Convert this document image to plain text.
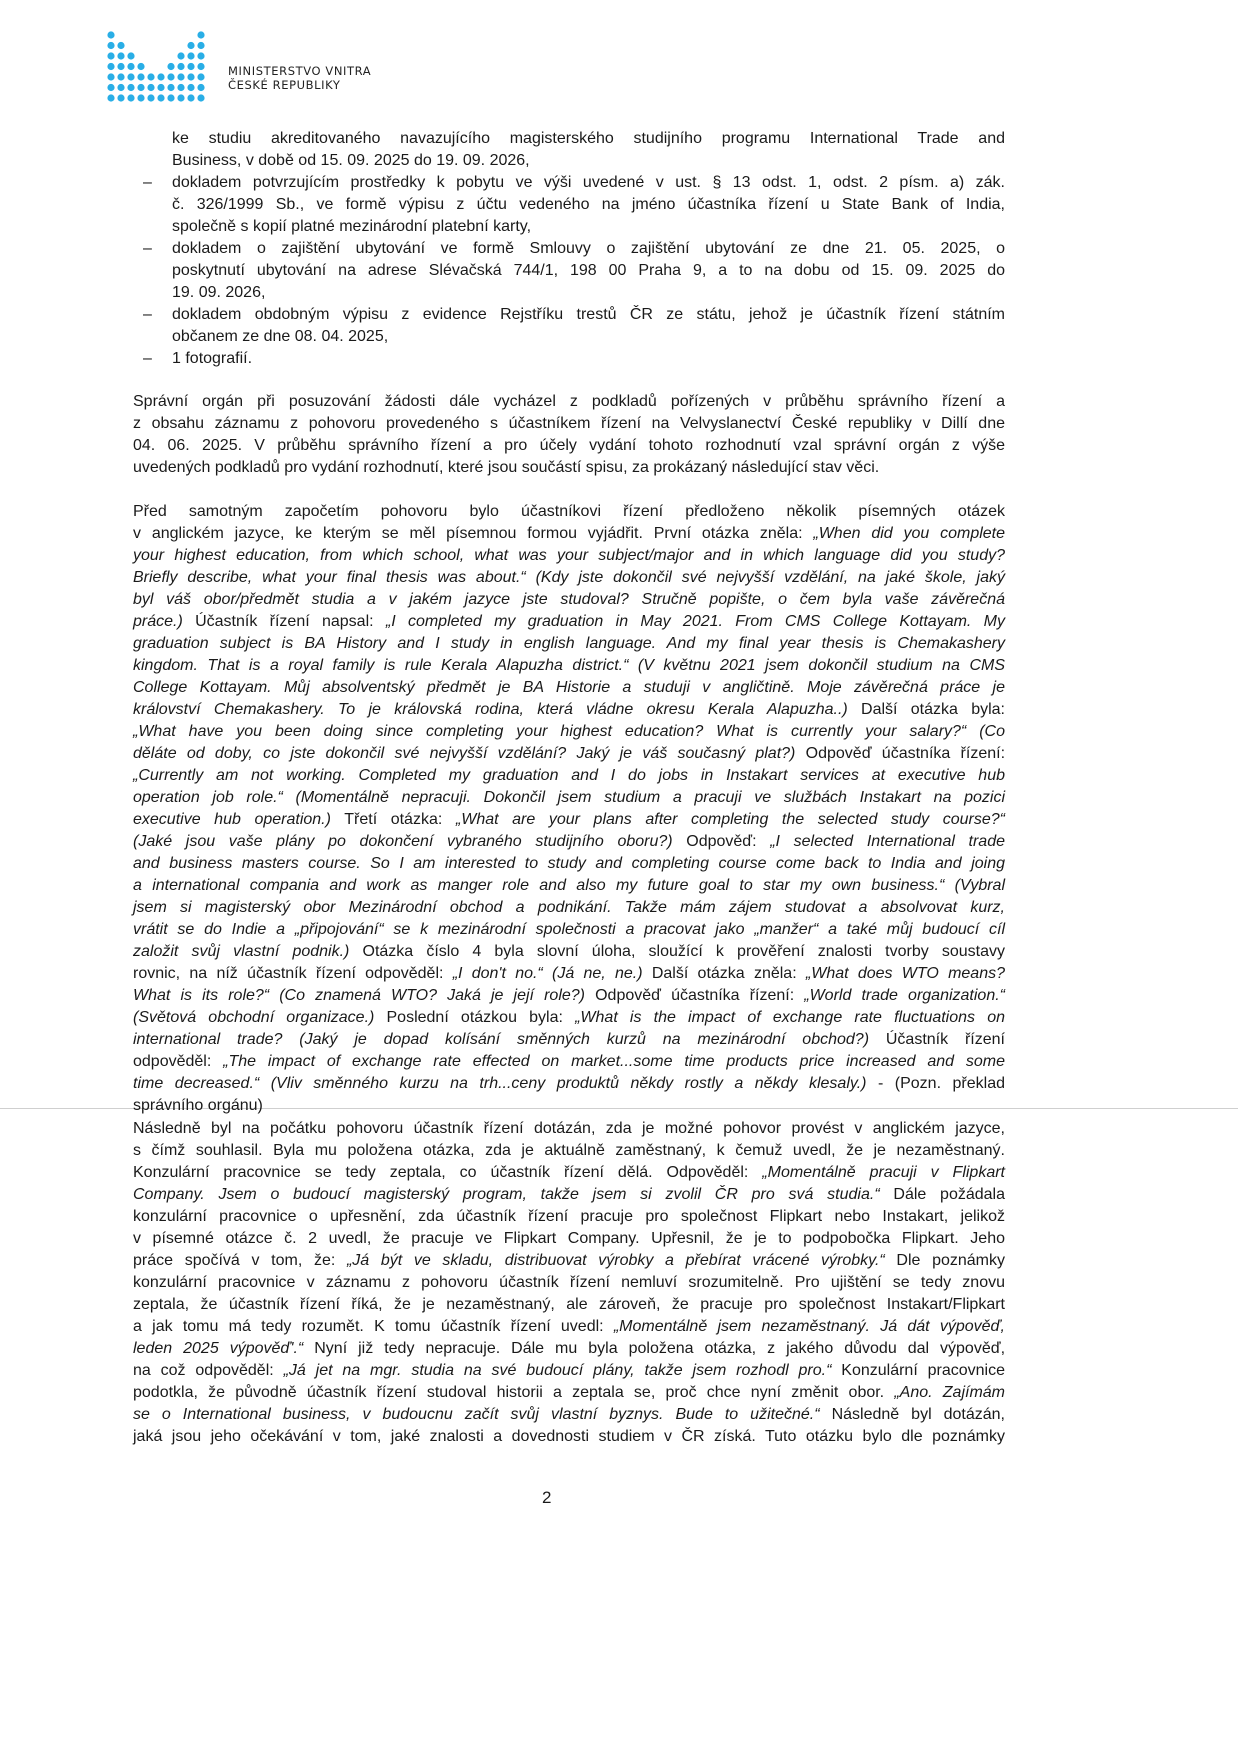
MINISTERSTVO VNITRA
ČESKÉ REPUBLIKY
ke studiu akreditovaného navazujícího magisterského studijního programu International Trade and
Business, v době od 15. 09. 2025 do 19. 09. 2026,
– dokladem potvrzujícím prostředky k pobytu ve výši uvedené v ust. § 13 odst. 1, odst. 2 písm. a) zák.
č. 326/1999 Sb., ve formě výpisu z účtu vedeného na jméno účastníka řízení u State Bank of India,
společně s kopií platné mezinárodní platební karty,
– dokladem o zajištění ubytování ve formě Smlouvy o zajištění ubytování ze dne 21. 05. 2025, o
poskytnutí ubytování na adrese Slévačská 744/1, 198 00 Praha 9, a to na dobu od 15. 09. 2025 do
19. 09. 2026,
– dokladem obdobným výpisu z evidence Rejstříku trestů ČR ze státu, jehož je účastník řízení státním
občanem ze dne 08. 04. 2025,
– 1 fotografií.
Správní orgán při posuzování žádosti dále vycházel z podkladů pořízených v průběhu správního řízení a
z obsahu záznamu z pohovoru provedeného s účastníkem řízení na Velvyslanectví České republiky v Dillí dne
04. 06. 2025. V průběhu správního řízení a pro účely vydání tohoto rozhodnutí vzal správní orgán z výše
uvedených podkladů pro vydání rozhodnutí, které jsou součástí spisu, za prokázaný následující stav věci.
Před samotným započetím pohovoru bylo účastníkovi řízení předloženo několik písemných otázek
v anglickém jazyce, ke kterým se měl písemnou formou vyjádřit. První otázka zněla: „When did you complete
your highest education, from which school, what was your subject/major and in which language did you study?
Briefly describe, what your final thesis was about.“ (Kdy jste dokončil své nejvyšší vzdělání, na jaké škole, jaký
byl váš obor/předmět studia a v jakém jazyce jste studoval? Stručně popište, o čem byla vaše závěrečná
práce.) Účastník řízení napsal: „I completed my graduation in May 2021. From CMS College Kottayam. My
graduation subject is BA History and I study in english language. And my final year thesis is Chemakashery
kingdom. That is a royal family is rule Kerala Alapuzha district.“ (V květnu 2021 jsem dokončil studium na CMS
College Kottayam. Můj absolventský předmět je BA Historie a studuji v angličtině. Moje závěrečná práce je
království Chemakashery. To je královská rodina, která vládne okresu Kerala Alapuzha..) Další otázka byla:
„What have you been doing since completing your highest education? What is currently your salary?“ (Co
děláte od doby, co jste dokončil své nejvyšší vzdělání? Jaký je váš současný plat?) Odpověď účastníka řízení:
„Currently am not working. Completed my graduation and I do jobs in Instakart services at executive hub
operation job role.“ (Momentálně nepracuji. Dokončil jsem studium a pracuji ve službách Instakart na pozici
executive hub operation.) Třetí otázka: „What are your plans after completing the selected study course?“
(Jaké jsou vaše plány po dokončení vybraného studijního oboru?) Odpověď: „I selected International trade
and business masters course. So I am interested to study and completing course come back to India and joing
a international compania and work as manger role and also my future goal to star my own business.“ (Vybral
jsem si magisterský obor Mezinárodní obchod a podnikání. Takže mám zájem studovat a absolvovat kurz,
vrátit se do Indie a „připojování“ se k mezinárodní společnosti a pracovat jako „manžer“ a také můj budoucí cíl
založit svůj vlastní podnik.) Otázka číslo 4 byla slovní úloha, sloužící k prověření znalosti tvorby soustavy
rovnic, na níž účastník řízení odpověděl: „I don't no.“ (Já ne, ne.) Další otázka zněla: „What does WTO means?
What is its role?“ (Co znamená WTO? Jaká je její role?) Odpověď účastníka řízení: „World trade organization.“
(Světová obchodní organizace.) Poslední otázkou byla: „What is the impact of exchange rate fluctuations on
international trade? (Jaký je dopad kolísání směnných kurzů na mezinárodní obchod?) Účastník řízení
odpověděl: „The impact of exchange rate effected on market...some time products price increased and some
time decreased.“ (Vliv směnného kurzu na trh...ceny produktů někdy rostly a někdy klesaly.) - (Pozn. překlad
správního orgánu)
Následně byl na počátku pohovoru účastník řízení dotázán, zda je možné pohovor provést v anglickém jazyce,
s čímž souhlasil. Byla mu položena otázka, zda je aktuálně zaměstnaný, k čemuž uvedl, že je nezaměstnaný.
Konzulární pracovnice se tedy zeptala, co účastník řízení dělá. Odpověděl: „Momentálně pracuji v Flipkart
Company. Jsem o budoucí magisterský program, takže jsem si zvolil ČR pro svá studia.“ Dále požádala
konzulární pracovnice o upřesnění, zda účastník řízení pracuje pro společnost Flipkart nebo Instakart, jelikož
v písemné otázce č. 2 uvedl, že pracuje ve Flipkart Company. Upřesnil, že je to podpobočka Flipkart. Jeho
práce spočívá v tom, že: „Já být ve skladu, distribuovat výrobky a přebírat vrácené výrobky.“ Dle poznámky
konzulární pracovnice v záznamu z pohovoru účastník řízení nemluví srozumitelně. Pro ujištění se tedy znovu
zeptala, že účastník řízení říká, že je nezaměstnaný, ale zároveň, že pracuje pro společnost Instakart/Flipkart
a jak tomu má tedy rozumět. K tomu účastník řízení uvedl: „Momentálně jsem nezaměstnaný. Já dát výpověď,
leden 2025 výpověď'.“ Nyní již tedy nepracuje. Dále mu byla položena otázka, z jakého důvodu dal výpověď,
na což odpověděl: „Já jet na mgr. studia na své budoucí plány, takže jsem rozhodl pro.“ Konzulární pracovnice
podotkla, že původně účastník řízení studoval historii a zeptala se, proč chce nyní změnit obor. „Ano. Zajímám
se o International business, v budoucnu začít svůj vlastní byznys. Bude to užitečné.“ Následně byl dotázán,
jaká jsou jeho očekávání v tom, jaké znalosti a dovednosti studiem v ČR získá. Tuto otázku bylo dle poznámky
2
